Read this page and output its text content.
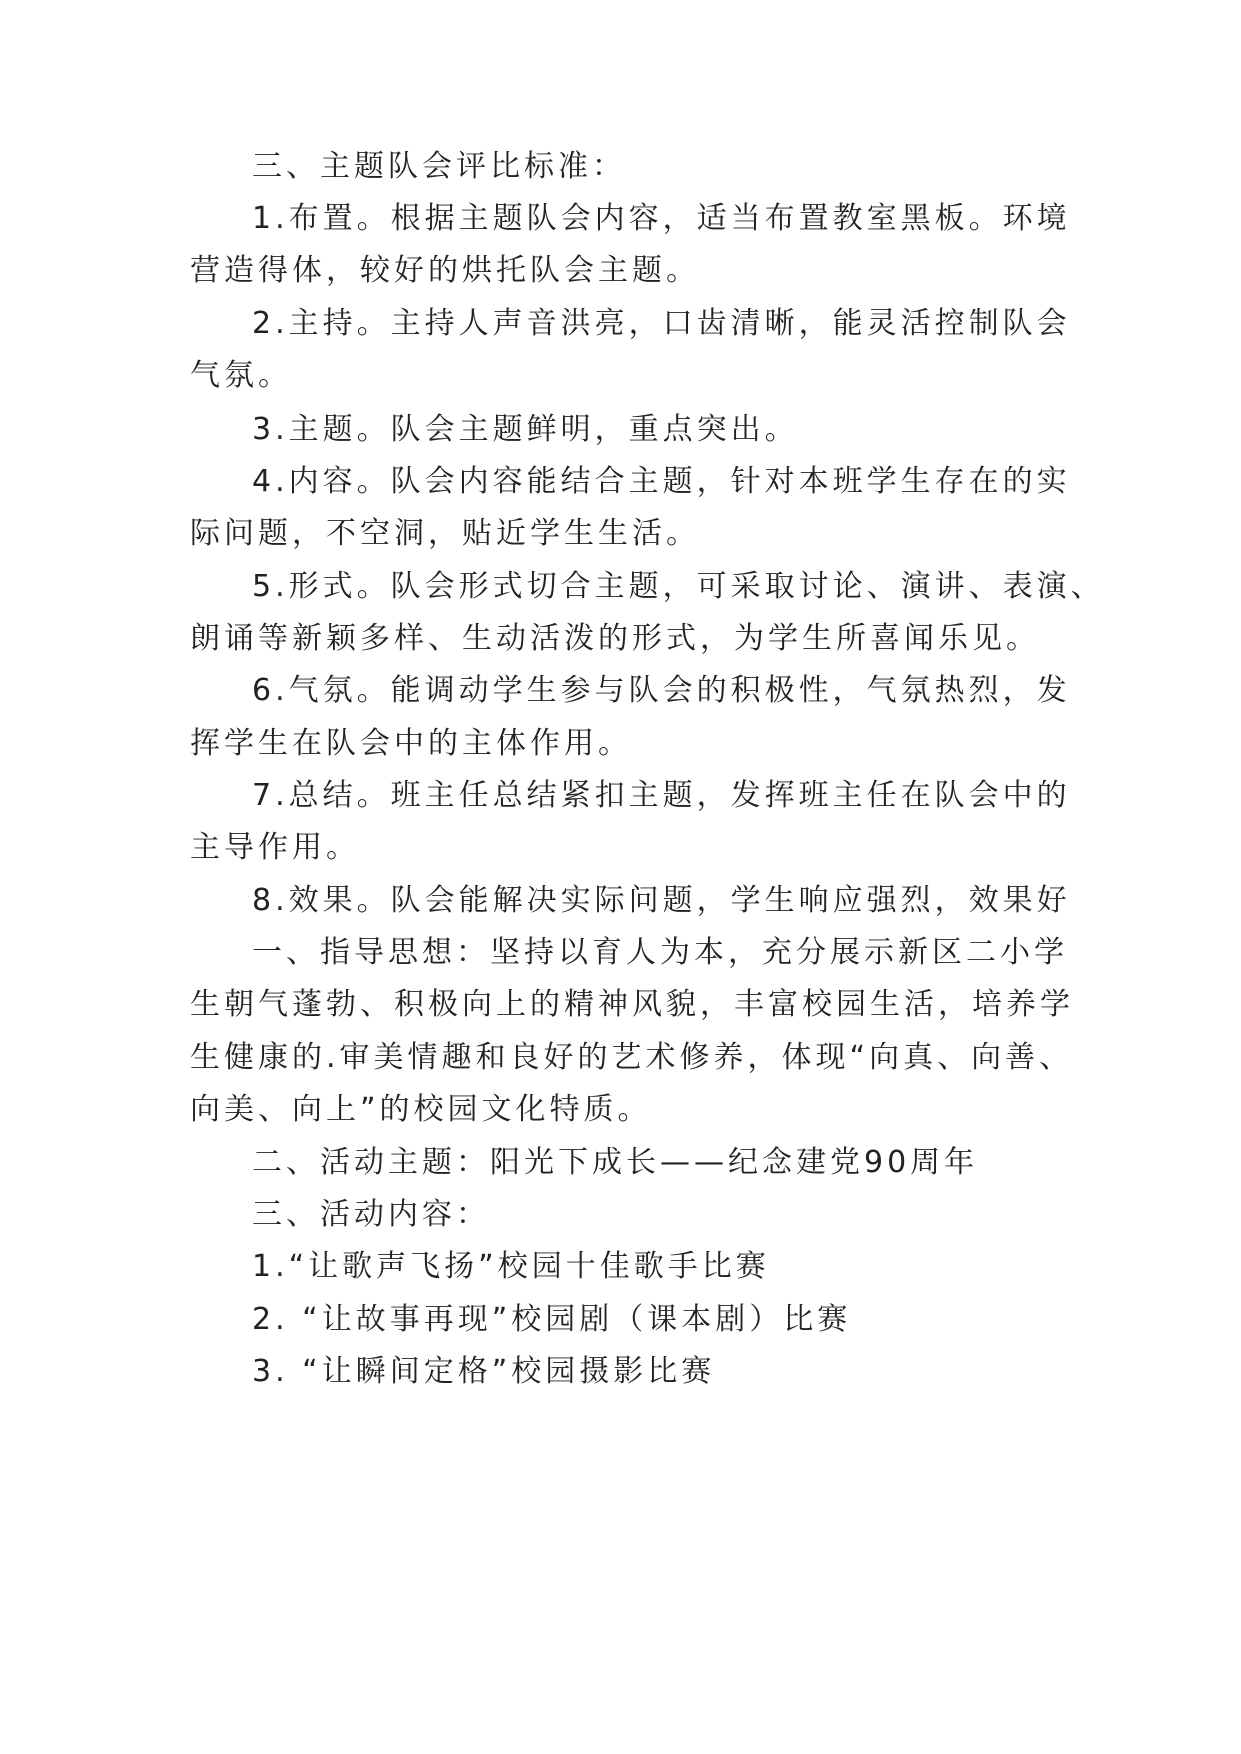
三、主题队会评比标准：
1.布置。根据主题队会内容，适当布置教室黑板。环境
营造得体，较好的烘托队会主题。
2.主持。主持人声音洪亮，口齿清晰，能灵活控制队会
气氛。
3.主题。队会主题鲜明，重点突出。
4.内容。队会内容能结合主题，针对本班学生存在的实
际问题，不空洞，贴近学生生活。
5.形式。队会形式切合主题，可采取讨论、演讲、表演、
朗诵等新颖多样、生动活泼的形式，为学生所喜闻乐见。
6.气氛。能调动学生参与队会的积极性，气氛热烈，发
挥学生在队会中的主体作用。
7.总结。班主任总结紧扣主题，发挥班主任在队会中的
主导作用。
8.效果。队会能解决实际问题，学生响应强烈，效果好
一、指导思想：坚持以育人为本，充分展示新区二小学
生朝气蓬勃、积极向上的精神风貌，丰富校园生活，培养学
生健康的.审美情趣和良好的艺术修养，体现“向真、向善、
向美、向上”的校园文化特质。
二、活动主题：阳光下成长——纪念建党90周年
三、活动内容：
1.“让歌声飞扬”校园十佳歌手比赛
2. “让故事再现”校园剧（课本剧）比赛
3. “让瞬间定格”校园摄影比赛
